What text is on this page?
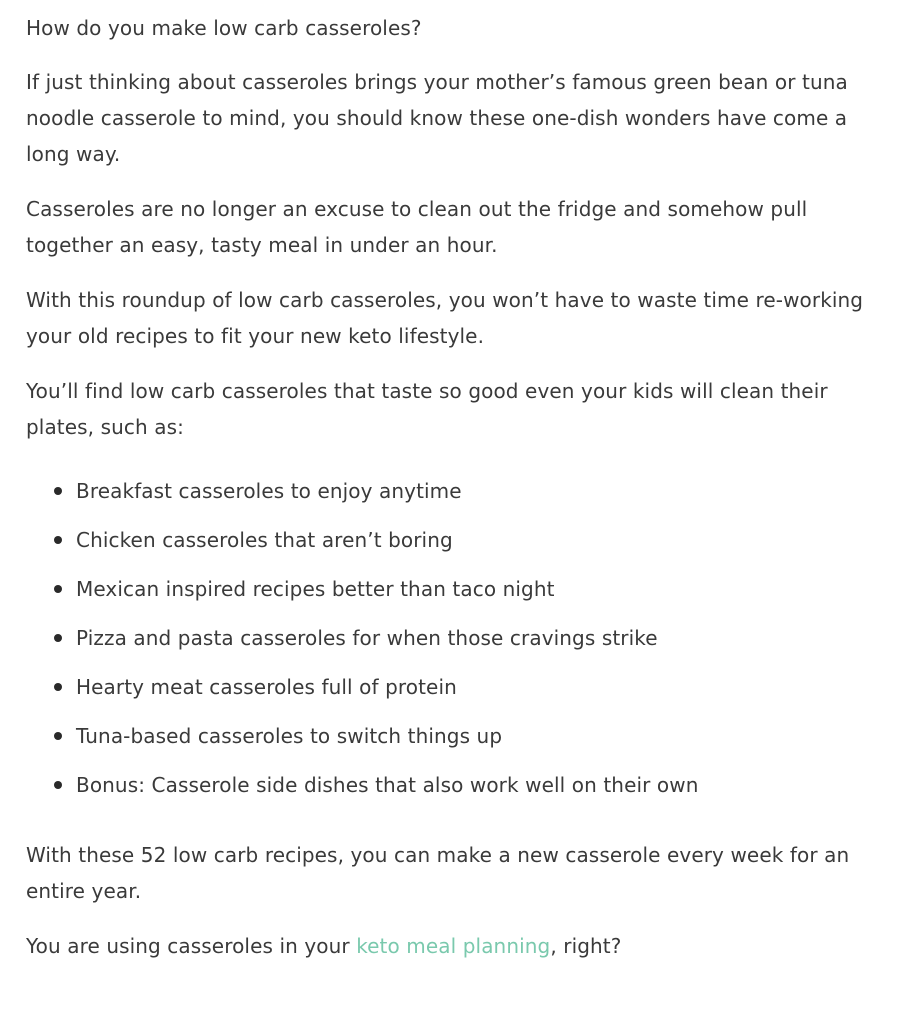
How do you make low carb casseroles?

If just thinking about casseroles brings your mother’s famous green bean or tuna noodle casserole to mind, you should know these one-dish wonders have come a long way.

Casseroles are no longer an excuse to clean out the fridge and somehow pull together an easy, tasty meal in under an hour.

With this roundup of low carb casseroles, you won’t have to waste time re-working your old recipes to fit your new keto lifestyle.

You’ll find low carb casseroles that taste so good even your kids will clean their plates, such as:

Breakfast casseroles to enjoy anytime
Chicken casseroles that aren’t boring
Mexican inspired recipes better than taco night
Pizza and pasta casseroles for when those cravings strike
Hearty meat casseroles full of protein
Tuna-based casseroles to switch things up
Bonus: Casserole side dishes that also work well on their own

With these 52 low carb recipes, you can make a new casserole every week for an entire year.

You are using casseroles in your keto meal planning, right?
